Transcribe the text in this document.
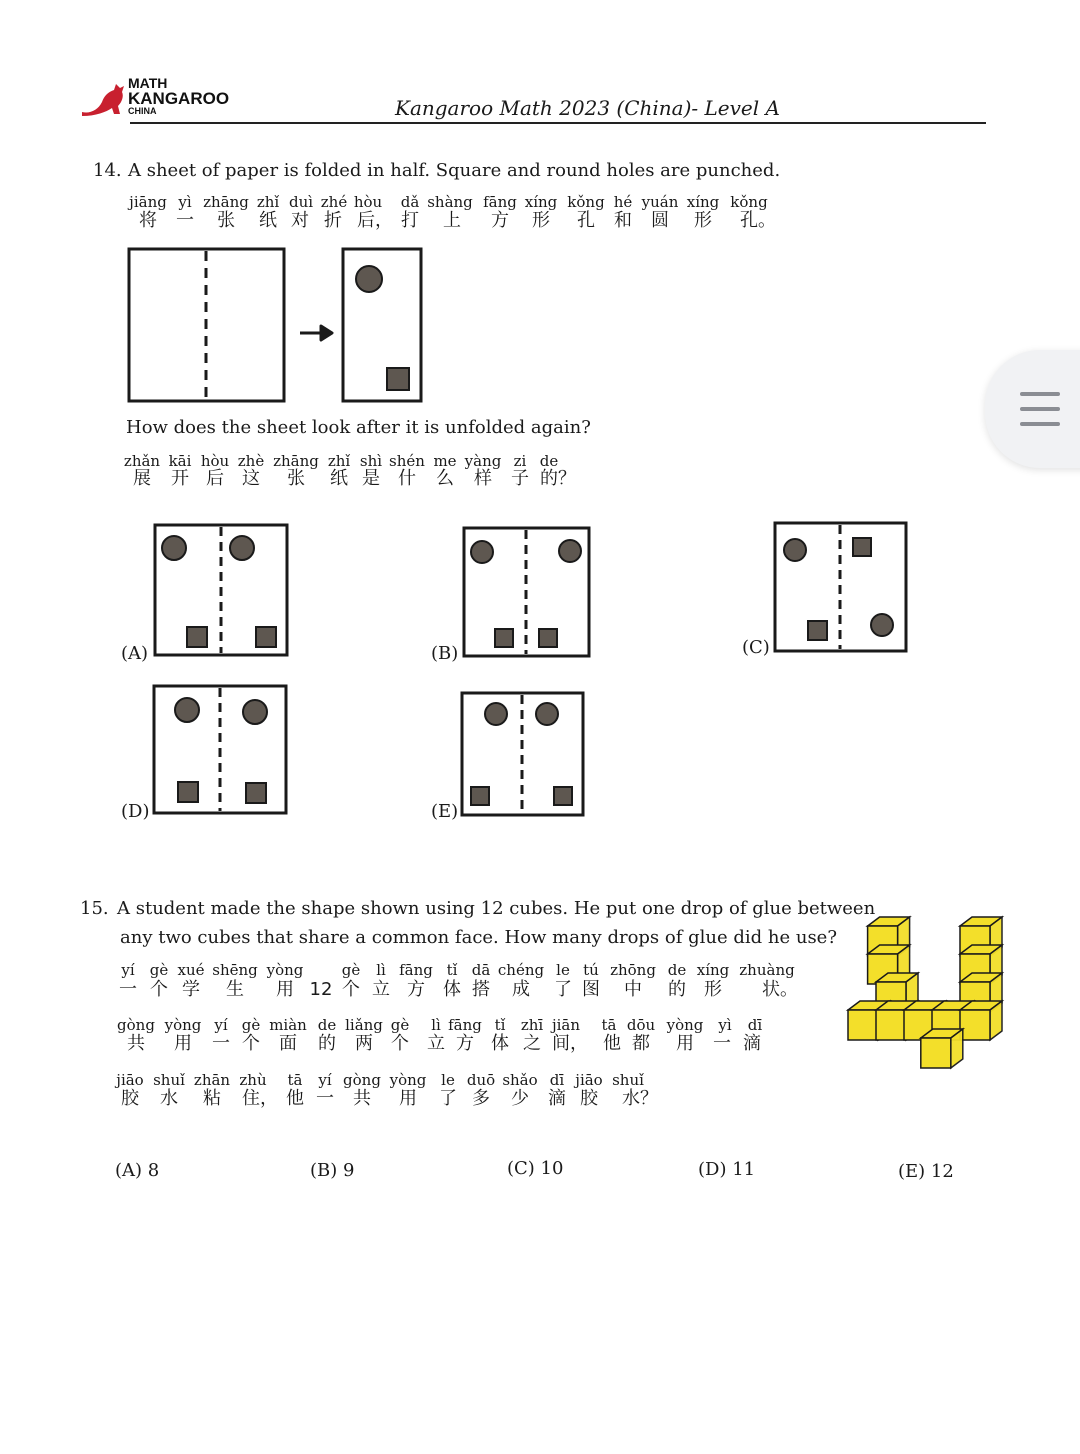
MATH
KANGAROO
CHINA	Kangaroo Math 2023 (China)- Level A
14. A sheet of paper is folded in half. Square and round holes are punched.
jiāng yì zhāng zhǐ duì zhé hòu dǎ shàng fāng xíng kǒng hé yuán xíng kǒng
将 一 张 纸 对 折 后， 打 上 方 形 孔 和 圆 形 孔。
How does the sheet look after it is unfolded again?
zhǎn kāi hòu zhè zhāng zhǐ shì shén me yàng zi de
展 开 后 这 张 纸 是 什 么 样 子 的？
(A)	(B)	(C)
(D)	(E)
15. A student made the shape shown using 12 cubes. He put one drop of glue between
any two cubes that share a common face. How many drops of glue did he use?
yí gè xué shēng yòng	gè lì fāng tǐ dā chéng le tú zhōng de xíng zhuàng
一 个 学 生 用 12 个 立 方 体 搭 成 了 图 中 的 形 状。
gòng yòng yí gè miàn de liǎng gè lì fāng tǐ zhī jiān tā dōu yòng yì dī
共 用 一 个 面 的 两 个 立 方 体 之 间， 他 都 用 一 滴
jiāo shuǐ zhān zhù tā yí gòng yòng le duō shǎo dī jiāo shuǐ
胶 水 粘 住， 他 一 共 用 了 多 少 滴 胶 水？
(A) 8	(B) 9	(C) 10	(D) 11	(E) 12
